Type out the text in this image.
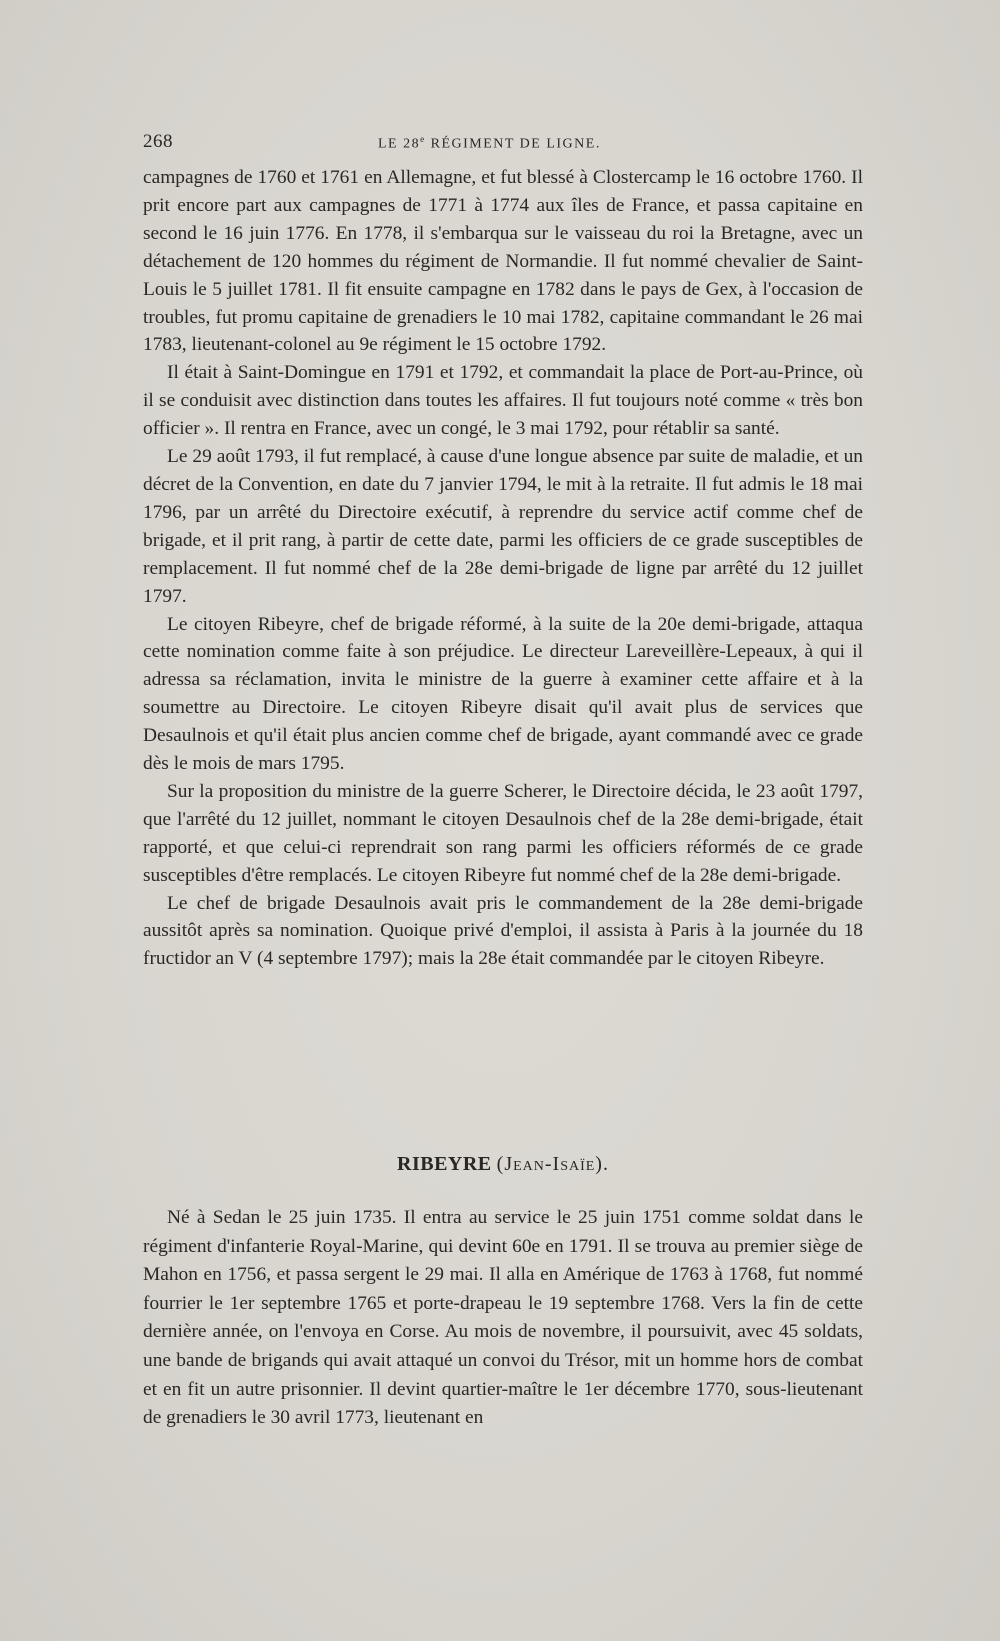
268	LE 28e RÉGIMENT DE LIGNE.

campagnes de 1760 et 1761 en Allemagne, et fut blessé à Clostercamp le 16 octobre 1760. Il prit encore part aux campagnes de 1771 à 1774 aux îles de France, et passa capitaine en second le 16 juin 1776. En 1778, il s'embarqua sur le vaisseau du roi la Bretagne, avec un détachement de 120 hommes du régiment de Normandie. Il fut nommé chevalier de Saint-Louis le 5 juillet 1781. Il fit ensuite campagne en 1782 dans le pays de Gex, à l'occasion de troubles, fut promu capitaine de grenadiers le 10 mai 1782, capitaine commandant le 26 mai 1783, lieutenant-colonel au 9e régiment le 15 octobre 1792.

Il était à Saint-Domingue en 1791 et 1792, et commandait la place de Port-au-Prince, où il se conduisit avec distinction dans toutes les affaires. Il fut toujours noté comme « très bon officier ». Il rentra en France, avec un congé, le 3 mai 1792, pour rétablir sa santé.

Le 29 août 1793, il fut remplacé, à cause d'une longue absence par suite de maladie, et un décret de la Convention, en date du 7 janvier 1794, le mit à la retraite. Il fut admis le 18 mai 1796, par un arrêté du Directoire exécutif, à reprendre du service actif comme chef de brigade, et il prit rang, à partir de cette date, parmi les officiers de ce grade susceptibles de remplacement. Il fut nommé chef de la 28e demi-brigade de ligne par arrêté du 12 juillet 1797.

Le citoyen Ribeyre, chef de brigade réformé, à la suite de la 20e demi-brigade, attaqua cette nomination comme faite à son préjudice. Le directeur Lareveillère-Lepeaux, à qui il adressa sa réclamation, invita le ministre de la guerre à examiner cette affaire et à la soumettre au Directoire. Le citoyen Ribeyre disait qu'il avait plus de services que Desaulnois et qu'il était plus ancien comme chef de brigade, ayant commandé avec ce grade dès le mois de mars 1795.

Sur la proposition du ministre de la guerre Scherer, le Directoire décida, le 23 août 1797, que l'arrêté du 12 juillet, nommant le citoyen Desaulnois chef de la 28e demi-brigade, était rapporté, et que celui-ci reprendrait son rang parmi les officiers réformés de ce grade susceptibles d'être remplacés. Le citoyen Ribeyre fut nommé chef de la 28e demi-brigade.

Le chef de brigade Desaulnois avait pris le commandement de la 28e demi-brigade aussitôt après sa nomination. Quoique privé d'emploi, il assista à Paris à la journée du 18 fructidor an V (4 septembre 1797); mais la 28e était commandée par le citoyen Ribeyre.

RIBEYRE (Jean-Isaïe).

Né à Sedan le 25 juin 1735. Il entra au service le 25 juin 1751 comme soldat dans le régiment d'infanterie Royal-Marine, qui devint 60e en 1791. Il se trouva au premier siège de Mahon en 1756, et passa sergent le 29 mai. Il alla en Amérique de 1763 à 1768, fut nommé fourrier le 1er septembre 1765 et porte-drapeau le 19 septembre 1768. Vers la fin de cette dernière année, on l'envoya en Corse. Au mois de novembre, il poursuivit, avec 45 soldats, une bande de brigands qui avait attaqué un convoi du Trésor, mit un homme hors de combat et en fit un autre prisonnier. Il devint quartier-maître le 1er décembre 1770, sous-lieutenant de grenadiers le 30 avril 1773, lieutenant en
